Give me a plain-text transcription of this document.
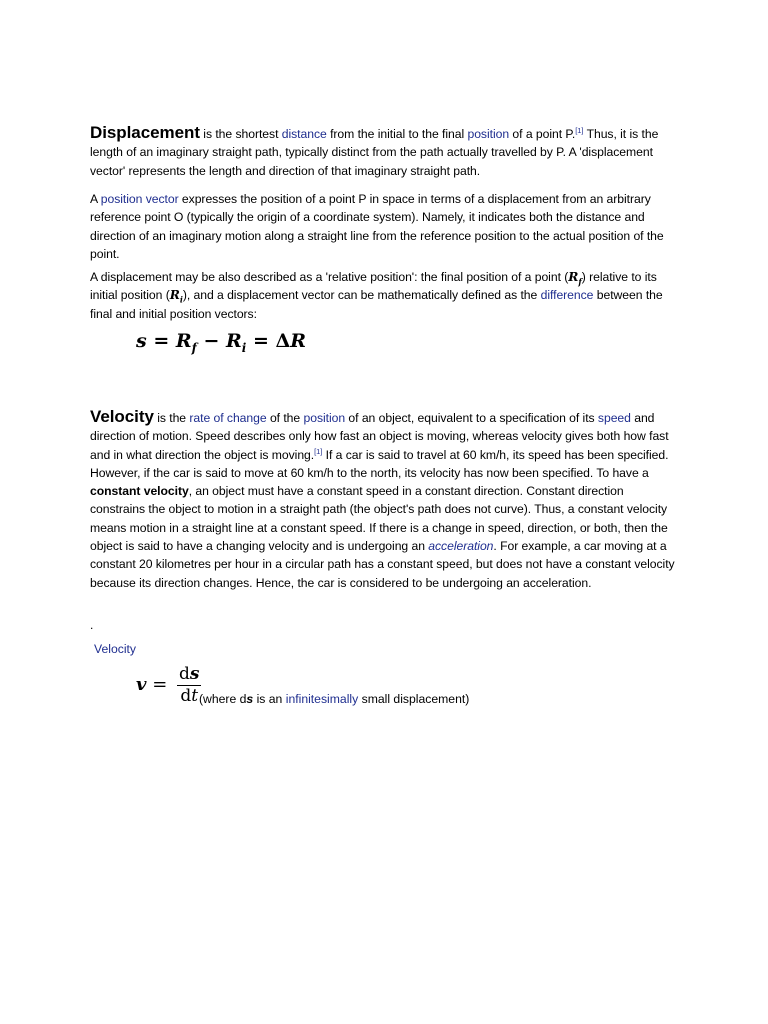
Displacement is the shortest distance from the initial to the final position of a point P.[1] Thus, it is the length of an imaginary straight path, typically distinct from the path actually travelled by P. A 'displacement vector' represents the length and direction of that imaginary straight path.

A position vector expresses the position of a point P in space in terms of a displacement from an arbitrary reference point O (typically the origin of a coordinate system). Namely, it indicates both the distance and direction of an imaginary motion along a straight line from the reference position to the actual position of the point.

A displacement may be also described as a 'relative position': the final position of a point $(R_f)$ relative to its initial position $(R_i)$, and a displacement vector can be mathematically defined as the difference between the final and initial position vectors:

Velocity is the rate of change of the position of an object, equivalent to a specification of its speed and direction of motion. Speed describes only how fast an object is moving, whereas velocity gives both how fast and in what direction the object is moving.[1] If a car is said to travel at 60 km/h, its speed has been specified. However, if the car is said to move at 60 km/h to the north, its velocity has now been specified. To have a constant velocity, an object must have a constant speed in a constant direction. Constant direction constrains the object to motion in a straight path (the object's path does not curve). Thus, a constant velocity means motion in a straight line at a constant speed. If there is a change in speed, direction, or both, then the object is said to have a changing velocity and is undergoing an acceleration. For example, a car moving at a constant 20 kilometres per hour in a circular path has a constant speed, but does not have a constant velocity because its direction changes. Hence, the car is considered to be undergoing an acceleration.

$s = R_f - R_i = \Delta R$
.
Velocity
$v = \frac{ds}{dt}$
(where ds is an infinitesimally small displacement)
